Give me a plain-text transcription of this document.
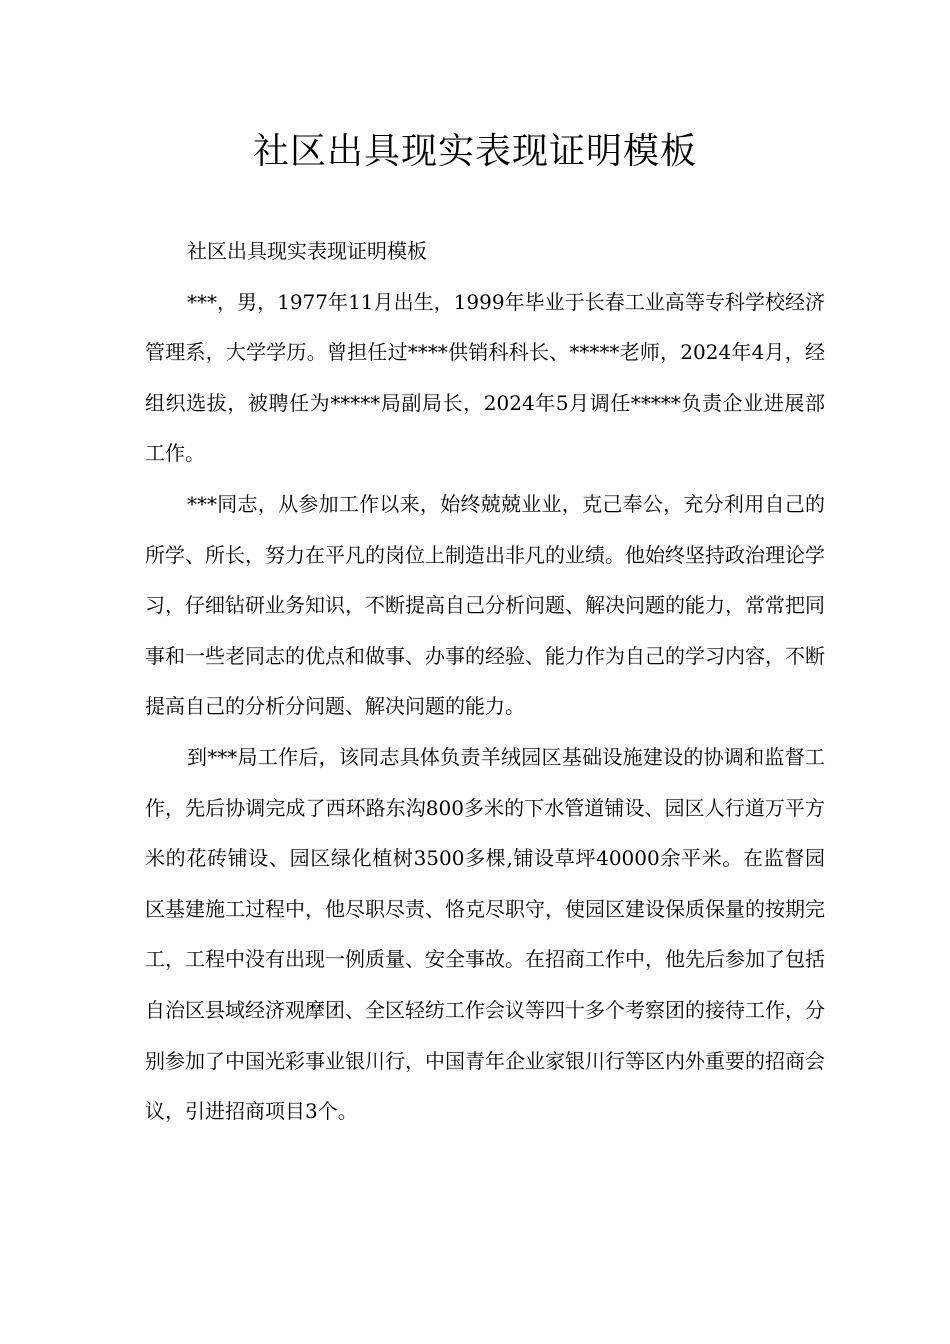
社区出具现实表现证明模板

社区出具现实表现证明模板

***，男，1977年11月出生，1999年毕业于长春工业高等专科学校经济管理系，大学学历。曾担任过****供销科科长、*****老师，2024年4月，经组织选拔，被聘任为*****局副局长，2024年5月调任*****负责企业进展部工作。

***同志，从参加工作以来，始终兢兢业业，克己奉公，充分利用自己的所学、所长，努力在平凡的岗位上制造出非凡的业绩。他始终坚持政治理论学习，仔细钻研业务知识，不断提高自己分析问题、解决问题的能力，常常把同事和一些老同志的优点和做事、办事的经验、能力作为自己的学习内容，不断提高自己的分析分问题、解决问题的能力。

到***局工作后，该同志具体负责羊绒园区基础设施建设的协调和监督工作，先后协调完成了西环路东沟800多米的下水管道铺设、园区人行道万平方米的花砖铺设、园区绿化植树3500多棵,铺设草坪40000余平米。在监督园区基建施工过程中，他尽职尽责、恪克尽职守，使园区建设保质保量的按期完工，工程中没有出现一例质量、安全事故。在招商工作中，他先后参加了包括自治区县域经济观摩团、全区轻纺工作会议等四十多个考察团的接待工作，分别参加了中国光彩事业银川行，中国青年企业家银川行等区内外重要的招商会议，引进招商项目3个。
